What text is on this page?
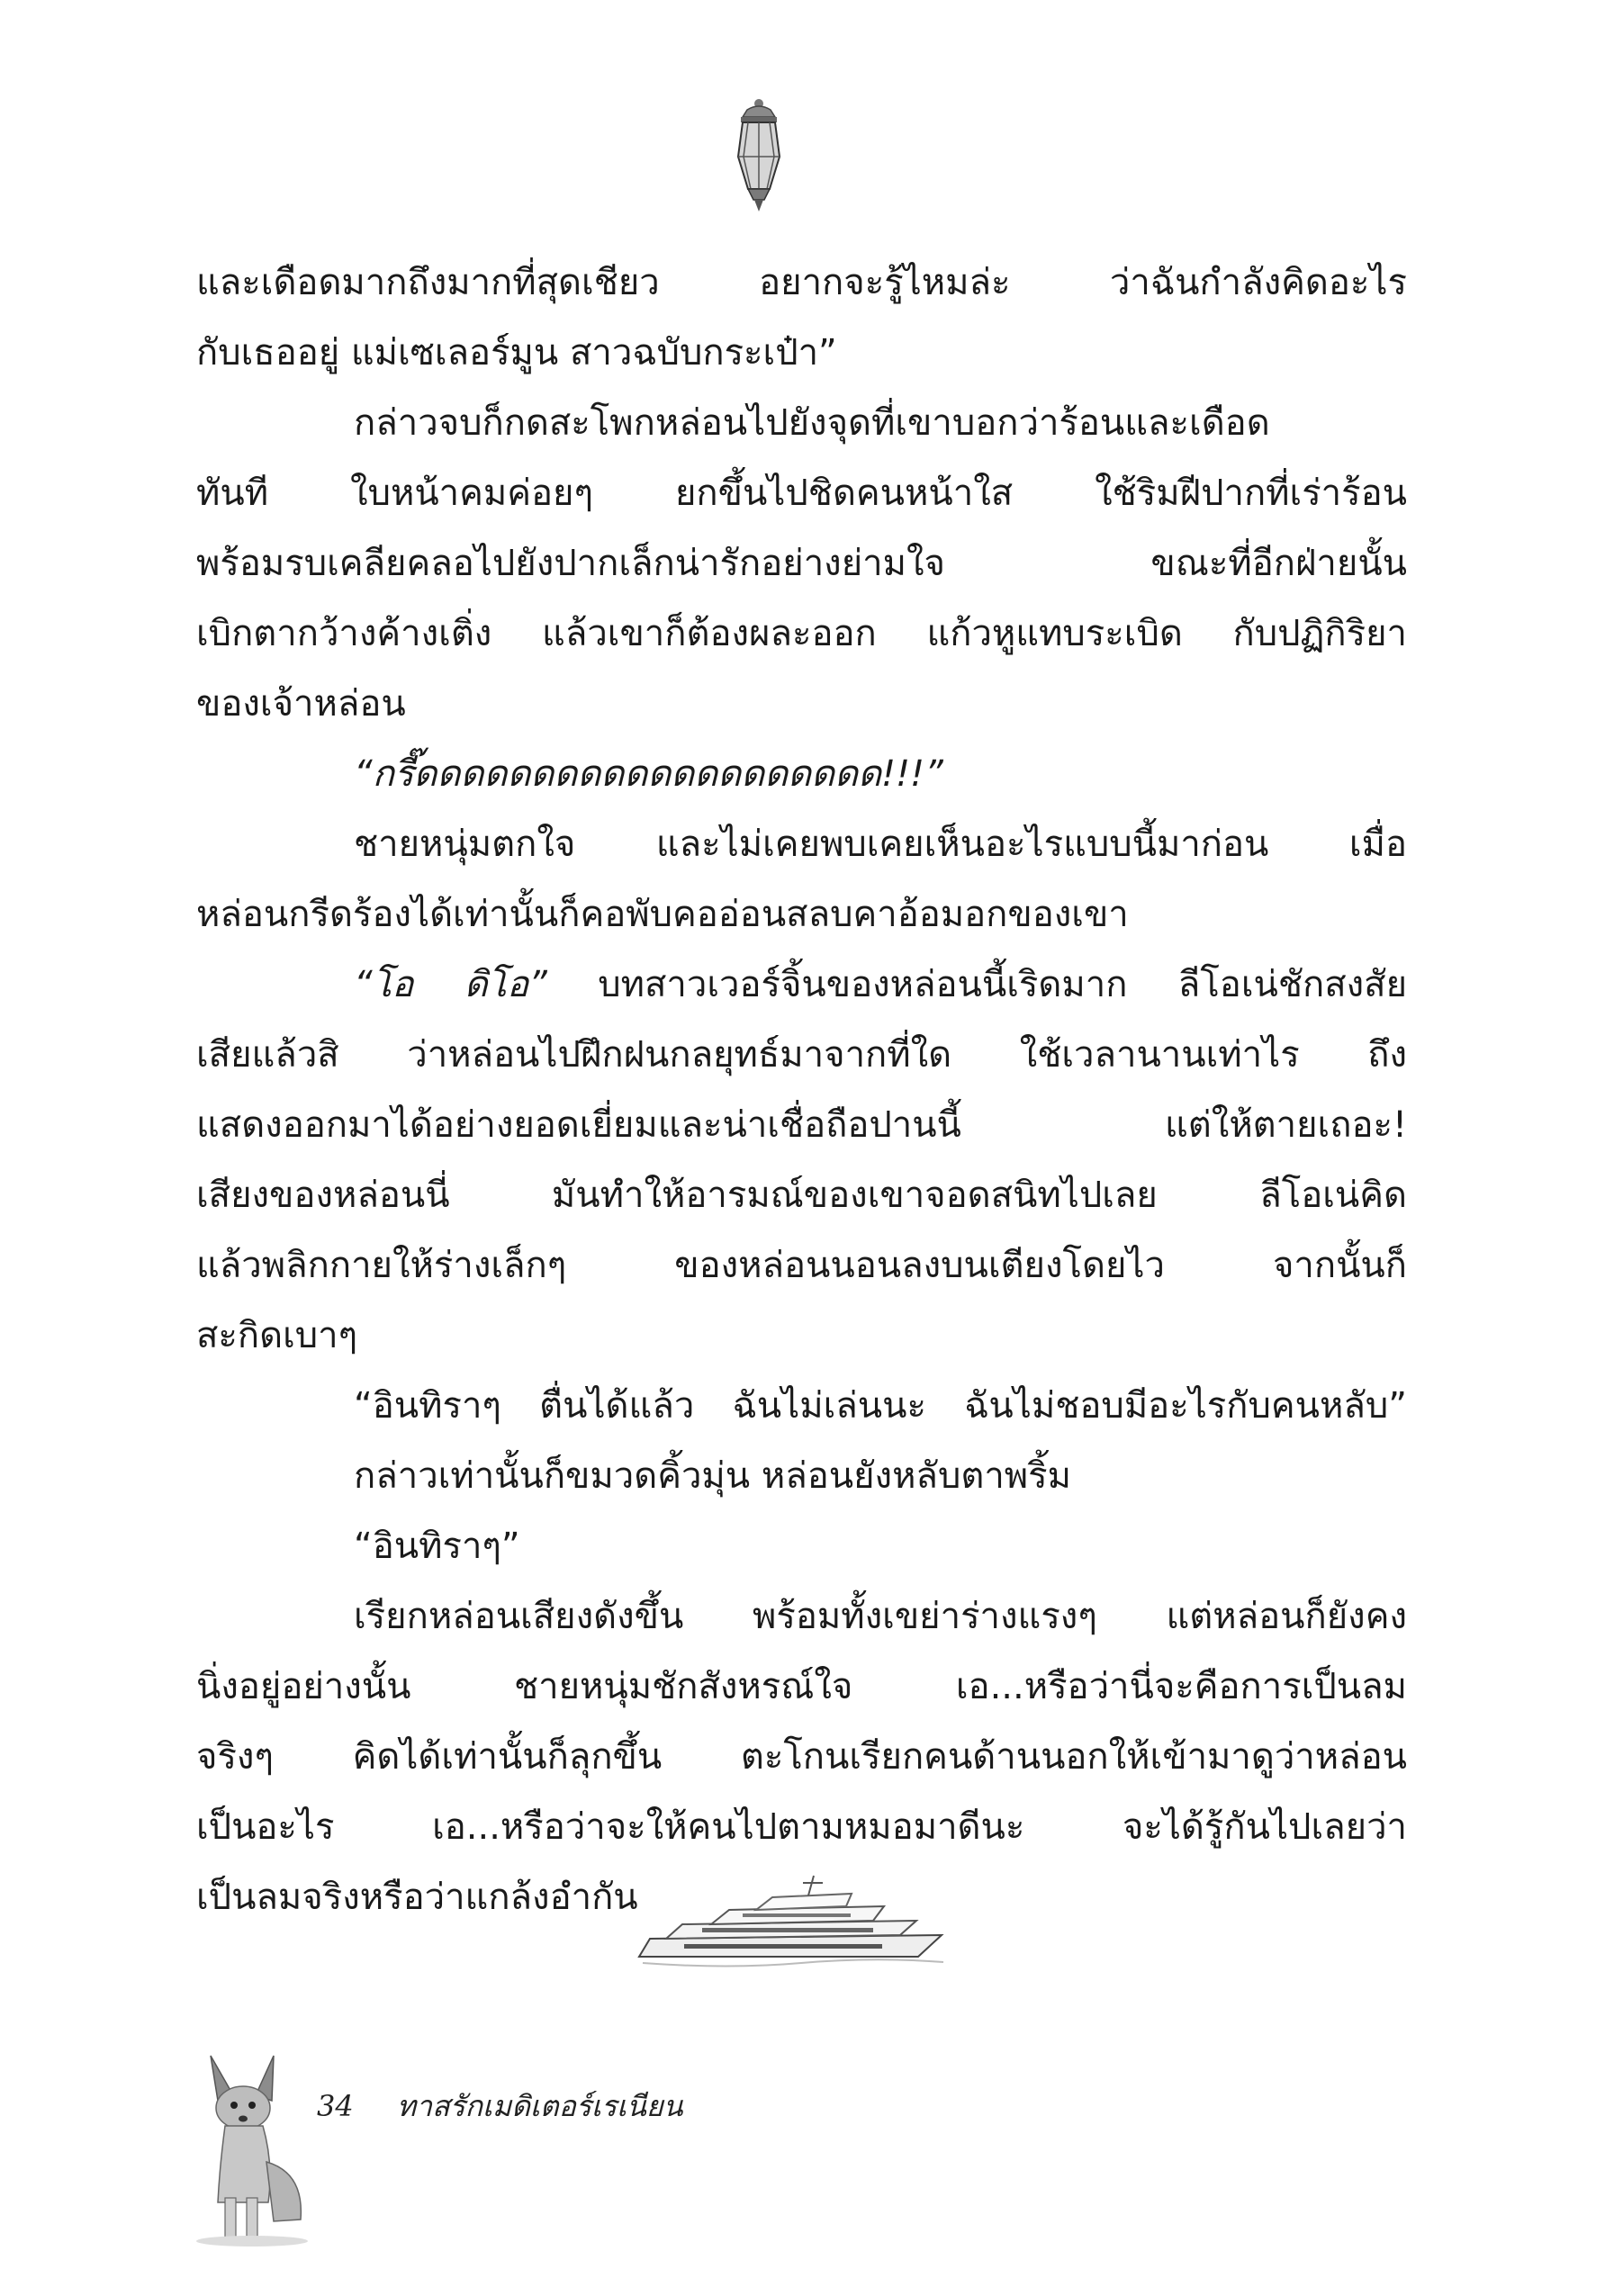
และเดือดมากถึงมากที่สุดเชียว อยากจะรู้ไหมล่ะ ว่าฉันกำลังคิดอะไร
กับเธออยู่ แม่เซเลอร์มูน สาวฉบับกระเป๋า”
กล่าวจบก็กดสะโพกหล่อนไปยังจุดที่เขาบอกว่าร้อนและเดือด
ทันที ใบหน้าคมค่อยๆ ยกขึ้นไปชิดคนหน้าใส ใช้ริมฝีปากที่เร่าร้อน
พร้อมรบเคลียคลอไปยังปากเล็กน่ารักอย่างย่ามใจ ขณะที่อีกฝ่ายนั้น
เบิกตากว้างค้างเติ่ง แล้วเขาก็ต้องผละออก แก้วหูแทบระเบิด กับปฏิกิริยา
ของเจ้าหล่อน
“กรี๊ดดดดดดดดดดดดดดดดดดดด!!!”
ชายหนุ่มตกใจ และไม่เคยพบเคยเห็นอะไรแบบนี้มาก่อน เมื่อ
หล่อนกรีดร้องได้เท่านั้นก็คอพับคออ่อนสลบคาอ้อมอกของเขา
“โอ ดิโอ” บทสาวเวอร์จิ้นของหล่อนนี้เริดมาก ลีโอเน่ชักสงสัย
เสียแล้วสิ ว่าหล่อนไปฝึกฝนกลยุทธ์มาจากที่ใด ใช้เวลานานเท่าไร ถึง
แสดงออกมาได้อย่างยอดเยี่ยมและน่าเชื่อถือปานนี้ แต่ให้ตายเถอะ!
เสียงของหล่อนนี่ มันทำให้อารมณ์ของเขาจอดสนิทไปเลย ลีโอเน่คิด
แล้วพลิกกายให้ร่างเล็กๆ ของหล่อนนอนลงบนเตียงโดยไว จากนั้นก็
สะกิดเบาๆ
“อินทิราๆ ตื่นได้แล้ว ฉันไม่เล่นนะ ฉันไม่ชอบมีอะไรกับคนหลับ”
กล่าวเท่านั้นก็ขมวดคิ้วมุ่น หล่อนยังหลับตาพริ้ม
“อินทิราๆ”
เรียกหล่อนเสียงดังขึ้น พร้อมทั้งเขย่าร่างแรงๆ แต่หล่อนก็ยังคง
นิ่งอยู่อย่างนั้น ชายหนุ่มชักสังหรณ์ใจ เอ...หรือว่านี่จะคือการเป็นลม
จริงๆ คิดได้เท่านั้นก็ลุกขึ้น ตะโกนเรียกคนด้านนอกให้เข้ามาดูว่าหล่อน
เป็นอะไร เอ...หรือว่าจะให้คนไปตามหมอมาดีนะ จะได้รู้กันไปเลยว่า
เป็นลมจริงหรือว่าแกล้งอำกัน
34 ทาสรักเมดิเตอร์เรเนียน
